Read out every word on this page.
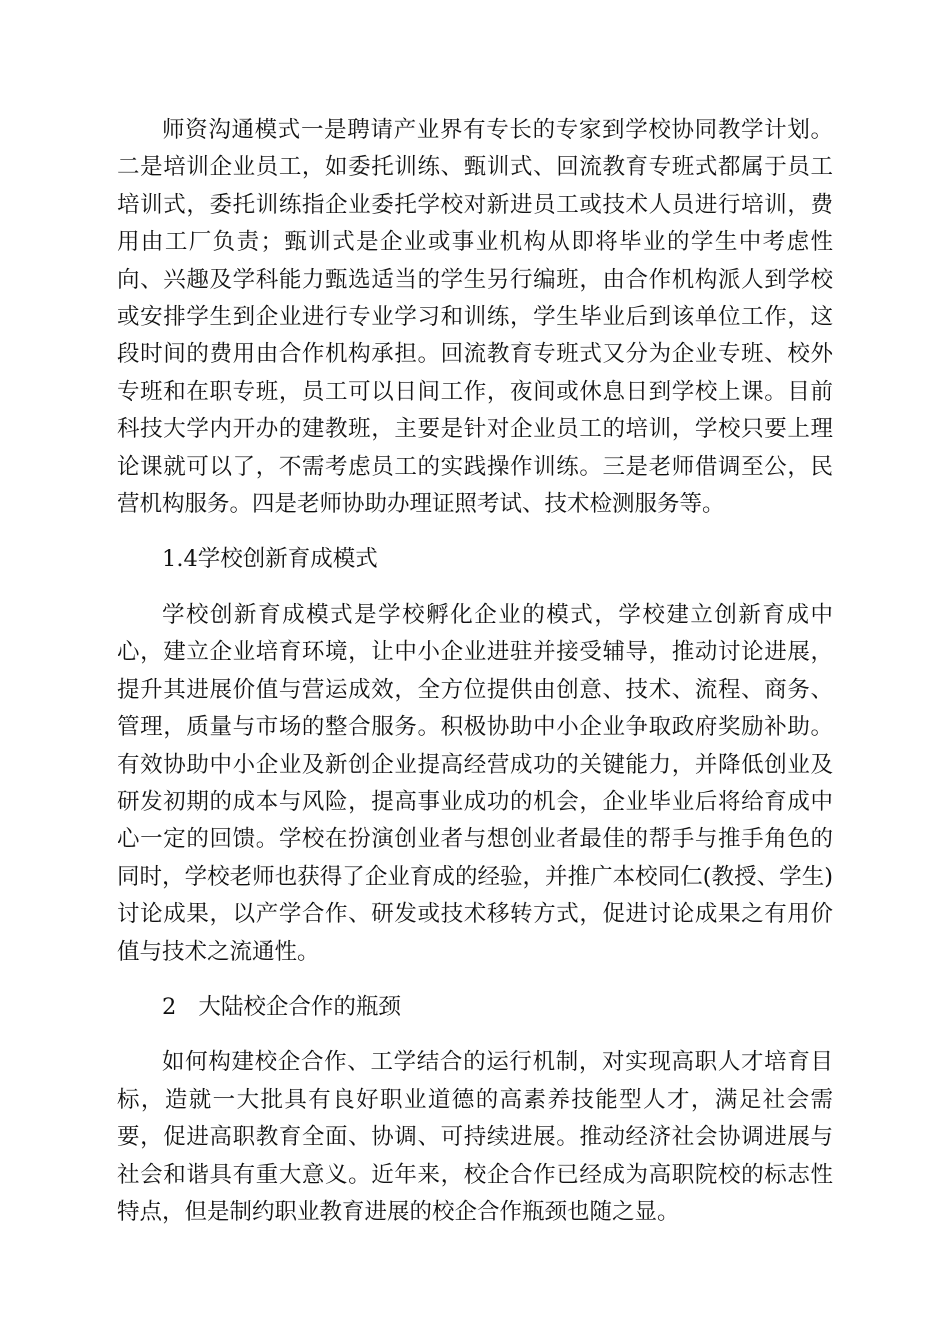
师资沟通模式一是聘请产业界有专长的专家到学校协同教学计划。二是培训企业员工，如委托训练、甄训式、回流教育专班式都属于员工培训式，委托训练指企业委托学校对新进员工或技术人员进行培训，费用由工厂负责；甄训式是企业或事业机构从即将毕业的学生中考虑性向、兴趣及学科能力甄选适当的学生另行编班，由合作机构派人到学校或安排学生到企业进行专业学习和训练，学生毕业后到该单位工作，这段时间的费用由合作机构承担。回流教育专班式又分为企业专班、校外专班和在职专班，员工可以日间工作，夜间或休息日到学校上课。目前科技大学内开办的建教班，主要是针对企业员工的培训，学校只要上理论课就可以了，不需考虑员工的实践操作训练。三是老师借调至公，民营机构服务。四是老师协助办理证照考试、技术检测服务等。

1.4学校创新育成模式

学校创新育成模式是学校孵化企业的模式，学校建立创新育成中心，建立企业培育环境，让中小企业进驻并接受辅导，推动讨论进展，提升其进展价值与营运成效，全方位提供由创意、技术、流程、商务、管理，质量与市场的整合服务。积极协助中小企业争取政府奖励补助。有效协助中小企业及新创企业提高经营成功的关键能力，并降低创业及研发初期的成本与风险，提高事业成功的机会，企业毕业后将给育成中心一定的回馈。学校在扮演创业者与想创业者最佳的帮手与推手角色的同时，学校老师也获得了企业育成的经验，并推广本校同仁(教授、学生)讨论成果，以产学合作、研发或技术移转方式，促进讨论成果之有用价值与技术之流通性。

2 大陆校企合作的瓶颈

如何构建校企合作、工学结合的运行机制，对实现高职人才培育目标，造就一大批具有良好职业道德的高素养技能型人才，满足社会需要，促进高职教育全面、协调、可持续进展。推动经济社会协调进展与社会和谐具有重大意义。近年来，校企合作已经成为高职院校的标志性特点，但是制约职业教育进展的校企合作瓶颈也随之显。
